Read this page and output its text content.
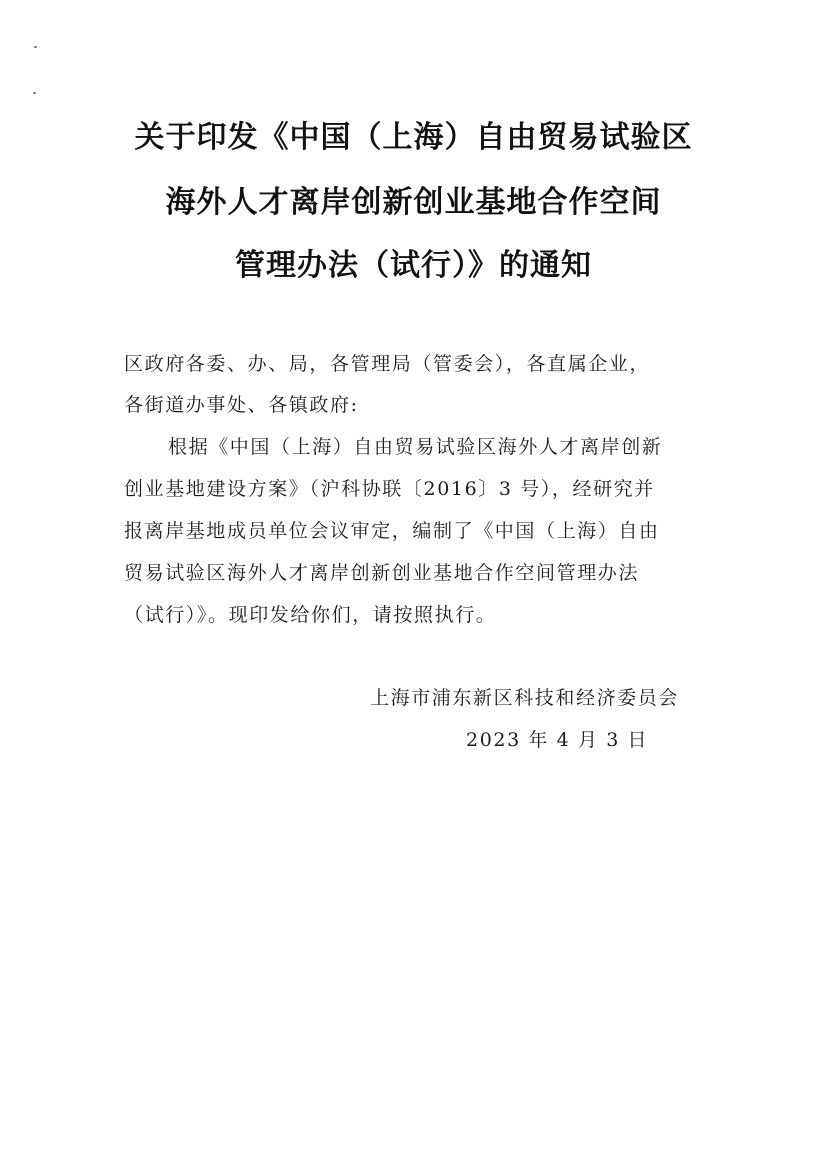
关于印发《中国（上海）自由贸易试验区
海外人才离岸创新创业基地合作空间
管理办法（试行）》的通知
区政府各委、办、局，各管理局（管委会），各直属企业，
各街道办事处、各镇政府:
根据《中国（上海）自由贸易试验区海外人才离岸创新
创业基地建设方案》（沪科协联〔2016〕3 号），经研究并
报离岸基地成员单位会议审定，编制了《中国（上海）自由
贸易试验区海外人才离岸创新创业基地合作空间管理办法
（试行）》。现印发给你们，请按照执行。
上海市浦东新区科技和经济委员会
2023 年 4 月 3 日
